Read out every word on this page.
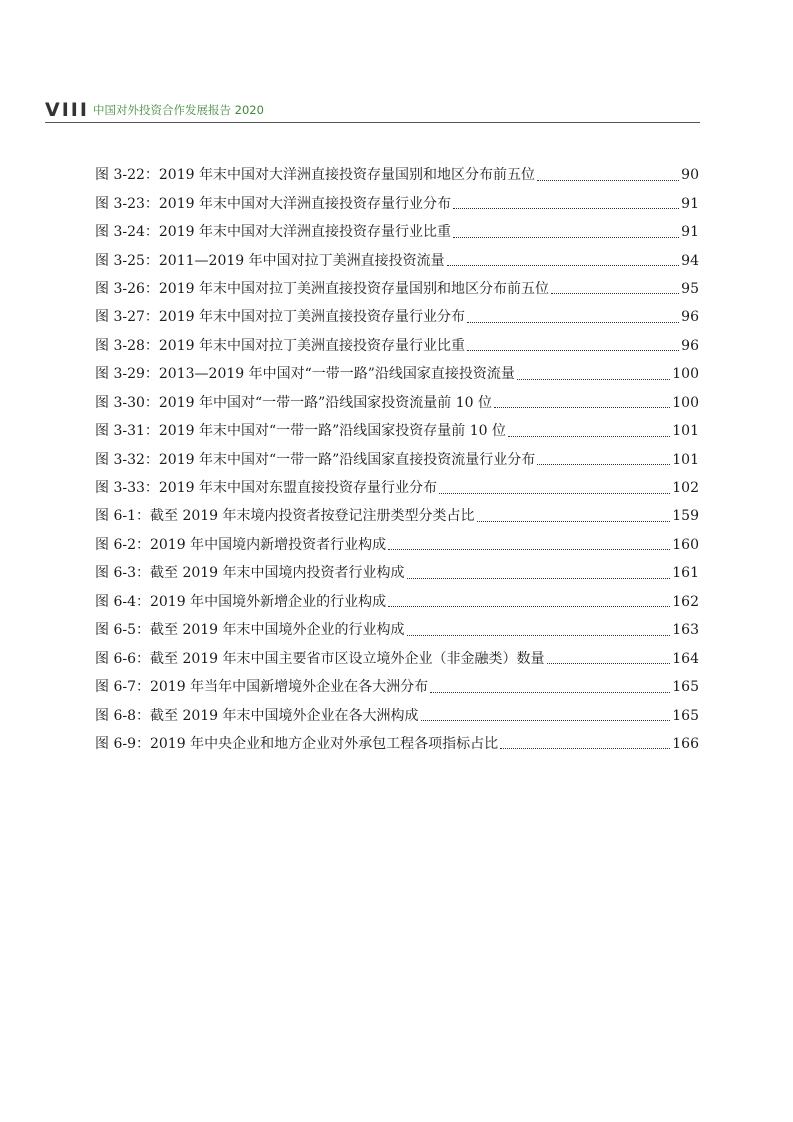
VIII 中国对外投资合作发展报告 2020
图 3-22：2019 年末中国对大洋洲直接投资存量国别和地区分布前五位	90
图 3-23：2019 年末中国对大洋洲直接投资存量行业分布	91
图 3-24：2019 年末中国对大洋洲直接投资存量行业比重	91
图 3-25：2011—2019 年中国对拉丁美洲直接投资流量	94
图 3-26：2019 年末中国对拉丁美洲直接投资存量国别和地区分布前五位	95
图 3-27：2019 年末中国对拉丁美洲直接投资存量行业分布	96
图 3-28：2019 年末中国对拉丁美洲直接投资存量行业比重	96
图 3-29：2013—2019 年中国对“一带一路”沿线国家直接投资流量	100
图 3-30：2019 年中国对“一带一路”沿线国家投资流量前 10 位	100
图 3-31：2019 年末中国对“一带一路”沿线国家投资存量前 10 位	101
图 3-32：2019 年末中国对“一带一路”沿线国家直接投资流量行业分布	101
图 3-33：2019 年末中国对东盟直接投资存量行业分布	102
图 6-1：截至 2019 年末境内投资者按登记注册类型分类占比	159
图 6-2：2019 年中国境内新增投资者行业构成	160
图 6-3：截至 2019 年末中国境内投资者行业构成	161
图 6-4：2019 年中国境外新增企业的行业构成	162
图 6-5：截至 2019 年末中国境外企业的行业构成	163
图 6-6：截至 2019 年末中国主要省市区设立境外企业（非金融类）数量	164
图 6-7：2019 年当年中国新增境外企业在各大洲分布	165
图 6-8：截至 2019 年末中国境外企业在各大洲构成	165
图 6-9：2019 年中央企业和地方企业对外承包工程各项指标占比	166
